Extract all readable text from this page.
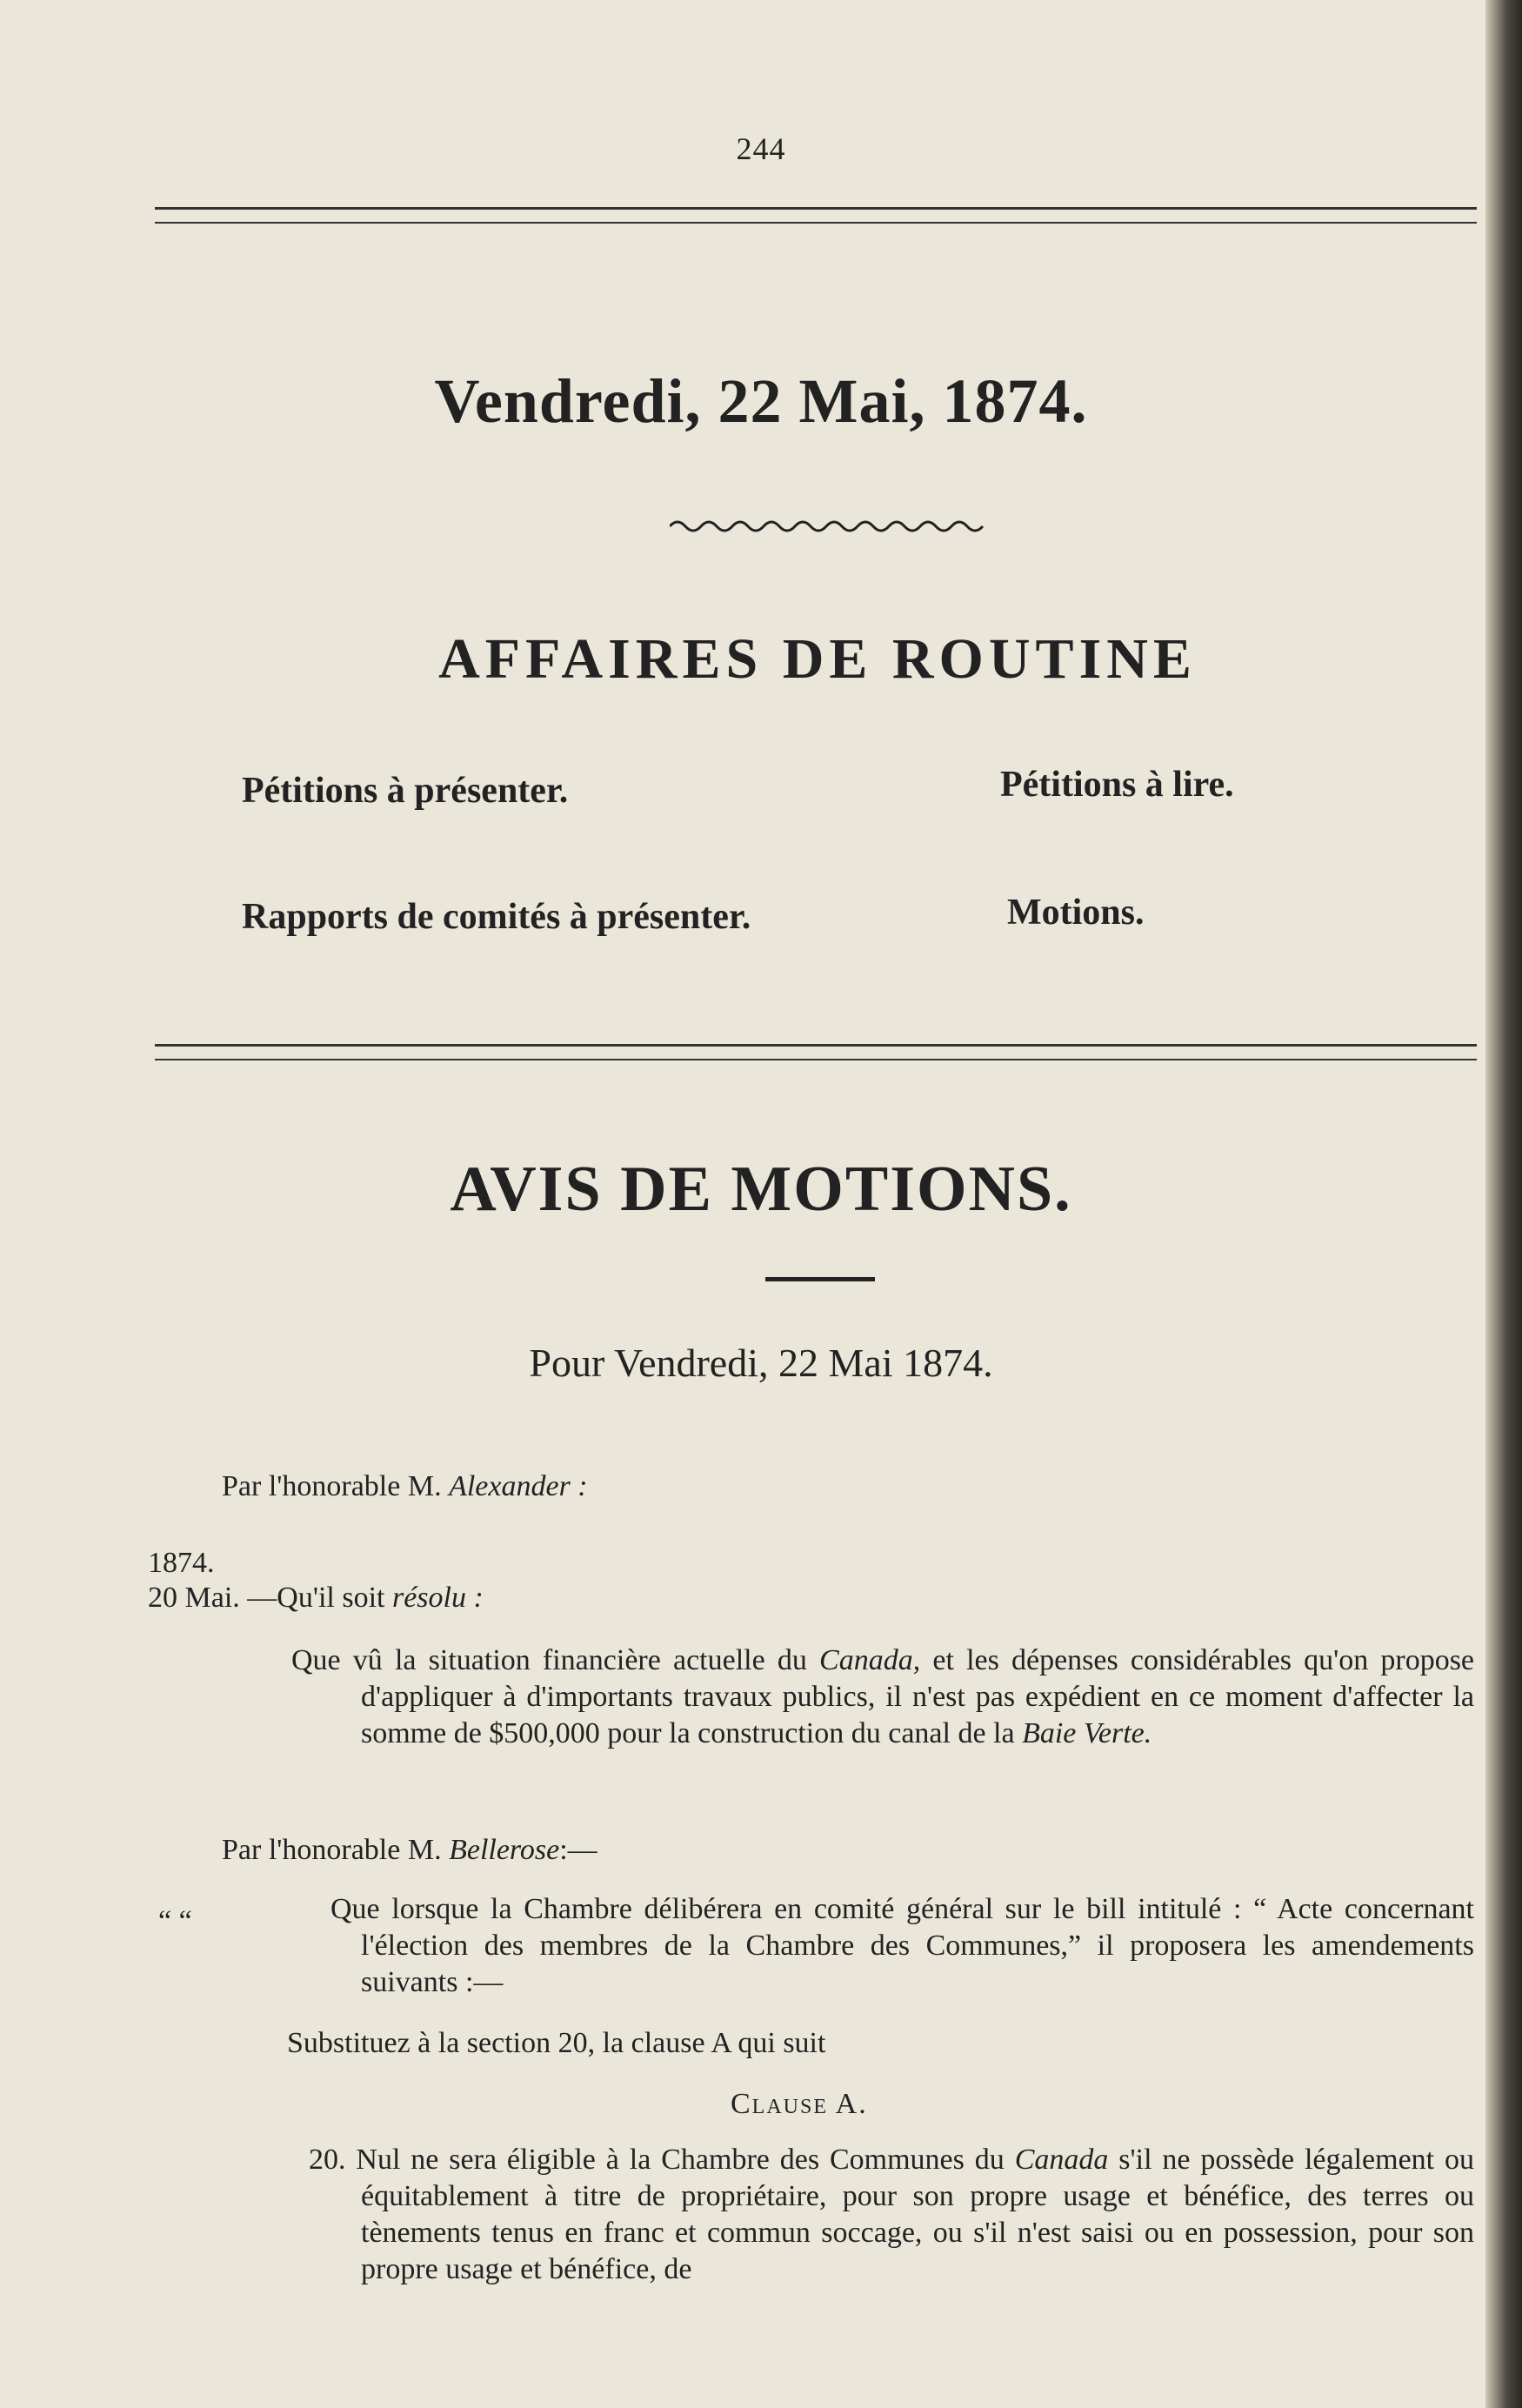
244
Vendredi, 22 Mai, 1874.
AFFAIRES DE ROUTINE
Pétitions à présenter.	Pétitions à lire.
Rapports de comités à présenter.	Motions.
AVIS DE MOTIONS.
Pour Vendredi, 22 Mai 1874.
Par l'honorable M. Alexander :
1874.
20 Mai. —Qu'il soit résolu :
Que vû la situation financière actuelle du Canada, et les dépenses considérables qu'on propose d'appliquer à d'importants travaux publics, il n'est pas expédient en ce moment d'affecter la somme de $500,000 pour la construction du canal de la Baie Verte.
Par l'honorable M. Bellerose:—
“ “	Que lorsque la Chambre délibérera en comité général sur le bill intitulé : “ Acte concernant l'élection des membres de la Chambre des Communes,” il proposera les amendements suivants :—
Substituez à la section 20, la clause A qui suit
Clause A.
20. Nul ne sera éligible à la Chambre des Communes du Canada s'il ne possède légalement ou équitablement à titre de propriétaire, pour son propre usage et bénéfice, des terres ou tènements tenus en franc et commun soccage, ou s'il n'est saisi ou en possession, pour son propre usage et bénéfice, de
